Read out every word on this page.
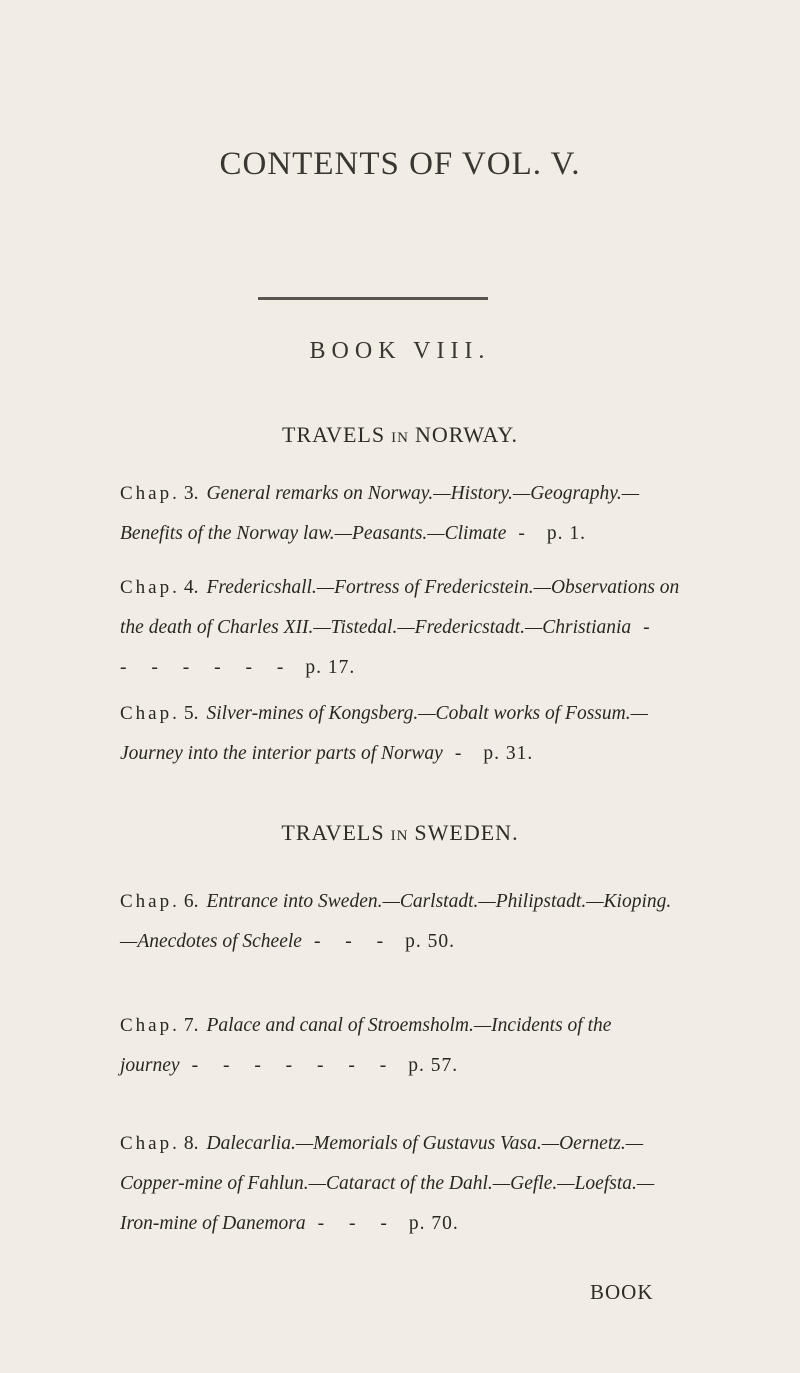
CONTENTS OF VOL. V.
BOOK VIII.
TRAVELS IN NORWAY.
Chap. 3. General remarks on Norway.—History.—Geography.—Benefits of the Norway law.—Peasants.—Climate - p. 1.
Chap. 4. Fredericshall.—Fortress of Fredericstein.—Observations on the death of Charles XII.—Tistedal.—Fredericstadt.—Christiania - - - - - - - p. 17.
Chap. 5. Silver-mines of Kongsberg.—Cobalt works of Fossum.—Journey into the interior parts of Norway - p. 31.
TRAVELS IN SWEDEN.
Chap. 6. Entrance into Sweden.—Carlstadt.—Philipstadt.—Kioping.—Anecdotes of Scheele - - - p. 50.
Chap. 7. Palace and canal of Stroemsholm.—Incidents of the journey - - - - - - - p. 57.
Chap. 8. Dalecarlia.—Memorials of Gustavus Vasa.—Oernetz.—Copper-mine of Fahlun.—Cataract of the Dahl.—Gefle.—Loefsta.—Iron-mine of Danemora - - - p. 70.
BOOK
